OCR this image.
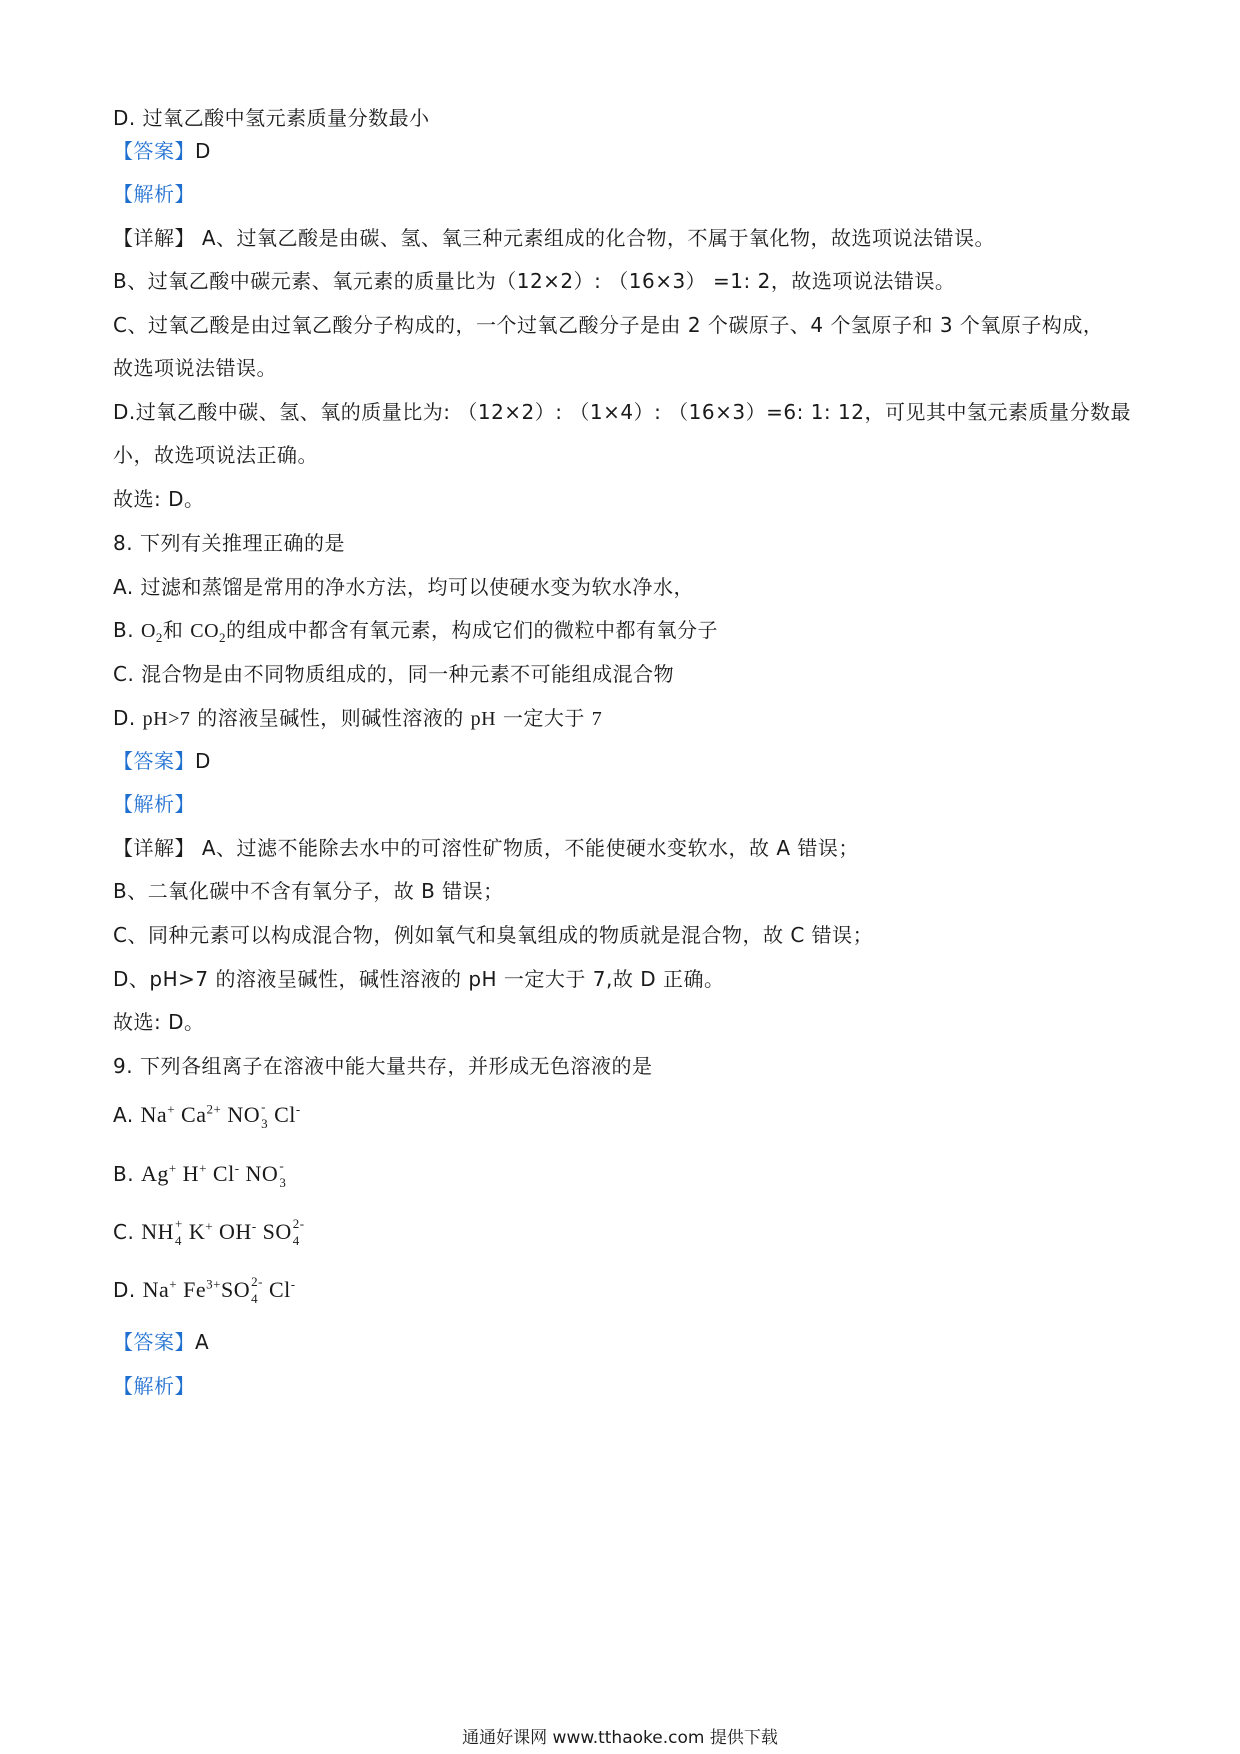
D. 过氧乙酸中氢元素质量分数最小
【答案】D
【解析】
【详解】 A、过氧乙酸是由碳、氢、氧三种元素组成的化合物，不属于氧化物，故选项说法错误。
B、过氧乙酸中碳元素、氧元素的质量比为（12×2）: （16×3） =1: 2，故选项说法错误。
C、过氧乙酸是由过氧乙酸分子构成的，一个过氧乙酸分子是由 2 个碳原子、4 个氢原子和 3 个氧原子构成，
故选项说法错误。
D.过氧乙酸中碳、氢、氧的质量比为: （12×2）: （1×4）: （16×3）=6: 1: 12，可见其中氢元素质量分数最
小，故选项说法正确。
故选: D。
8. 下列有关推理正确的是
A. 过滤和蒸馏是常用的净水方法，均可以使硬水变为软水净水，
B. $O_2$和 $CO_2$的组成中都含有氧元素，构成它们的微粒中都有氧分子
C. 混合物是由不同物质组成的，同一种元素不可能组成混合物
D. pH>7 的溶液呈碱性，则碱性溶液的 pH 一定大于 7
【答案】D
【解析】
【详解】 A、过滤不能除去水中的可溶性矿物质，不能使硬水变软水，故 A 错误；
B、二氧化碳中不含有氧分子，故 B 错误；
C、同种元素可以构成混合物，例如氧气和臭氧组成的物质就是混合物，故 C 错误；
D、pH>7 的溶液呈碱性，碱性溶液的 pH 一定大于 7,故 D 正确。
故选: D。
9. 下列各组离子在溶液中能大量共存，并形成无色溶液的是
A. Na+ $Ca^{2+}$ NO -
3 Cl-
B. Ag+ H+ Cl- NO -
3
C. NH +
4 K+ OH- SO 2-
4
D. Na+ $Fe^{3+}SO$ 2-
4 Cl-
【答案】A
【解析】
通通好课网 www.tthaoke.com 提供下载
